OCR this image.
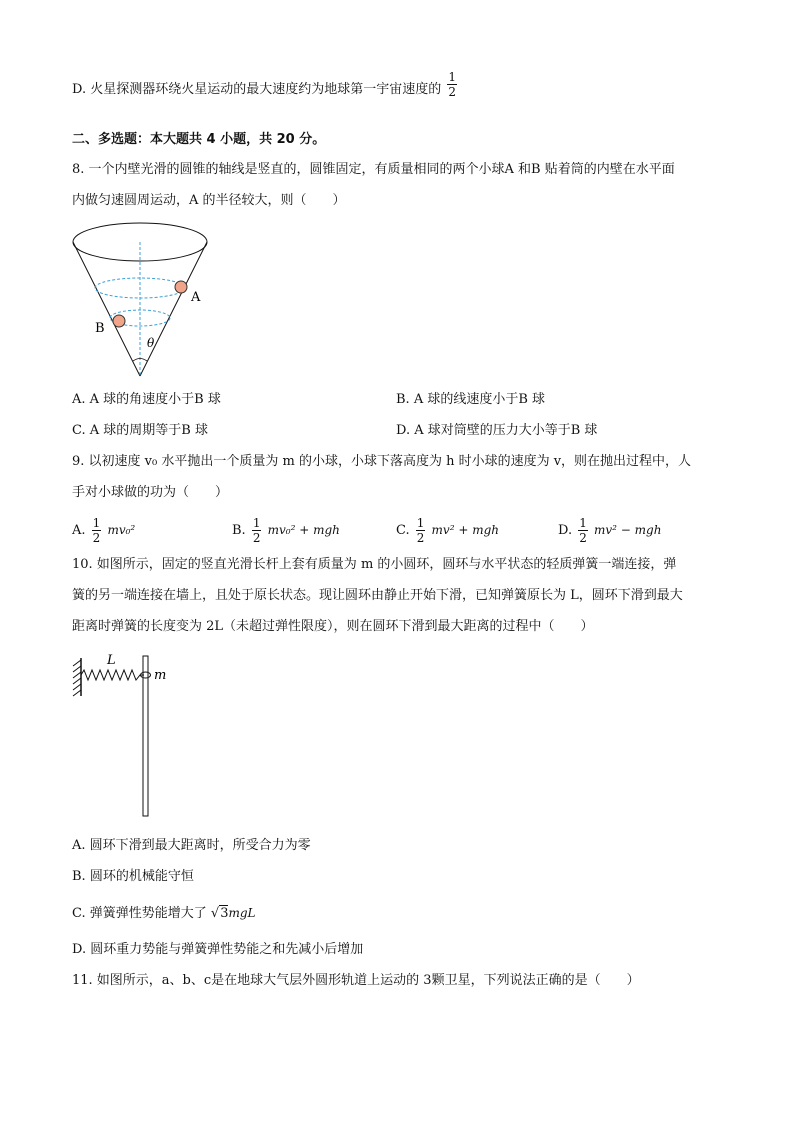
D. 火星探测器环绕火星运动的最大速度约为地球第一宇宙速度的 $\frac{1}{2}$
二、多选题：本大题共 4 小题，共 20 分。
8. 一个内壁光滑的圆锥的轴线是竖直的，圆锥固定，有质量相同的两个小球A 和B 贴着筒的内壁在水平面
内做匀速圆周运动，A 的半径较大，则（　　）
A
B
θ
A. A 球的角速度小于B 球	B. A 球的线速度小于B 球
C. A 球的周期等于B 球	D. A 球对筒壁的压力大小等于B 球
9. 以初速度 v₀ 水平抛出一个质量为 m 的小球，小球下落高度为 h 时小球的速度为 v，则在抛出过程中，人
手对小球做的功为（　　）
A. $\frac{1}{2} mv_0^2$	B. $\frac{1}{2} mv_0^2$ + mgh	C. $\frac{1}{2} mv^2$ + mgh	D. $\frac{1}{2} mv^2$ − mgh
10. 如图所示，固定的竖直光滑长杆上套有质量为 m 的小圆环，圆环与水平状态的轻质弹簧一端连接，弹
簧的另一端连接在墙上，且处于原长状态。现让圆环由静止开始下滑，已知弹簧原长为 L，圆环下滑到最大
距离时弹簧的长度变为 2L（未超过弹性限度），则在圆环下滑到最大距离的过程中（　　）
L
m
A. 圆环下滑到最大距离时，所受合力为零
B. 圆环的机械能守恒
C. 弹簧弹性势能增大了 √3mgL
D. 圆环重力势能与弹簧弹性势能之和先减小后增加
11. 如图所示，a、b、c是在地球大气层外圆形轨道上运动的 3颗卫星，下列说法正确的是（　　）
